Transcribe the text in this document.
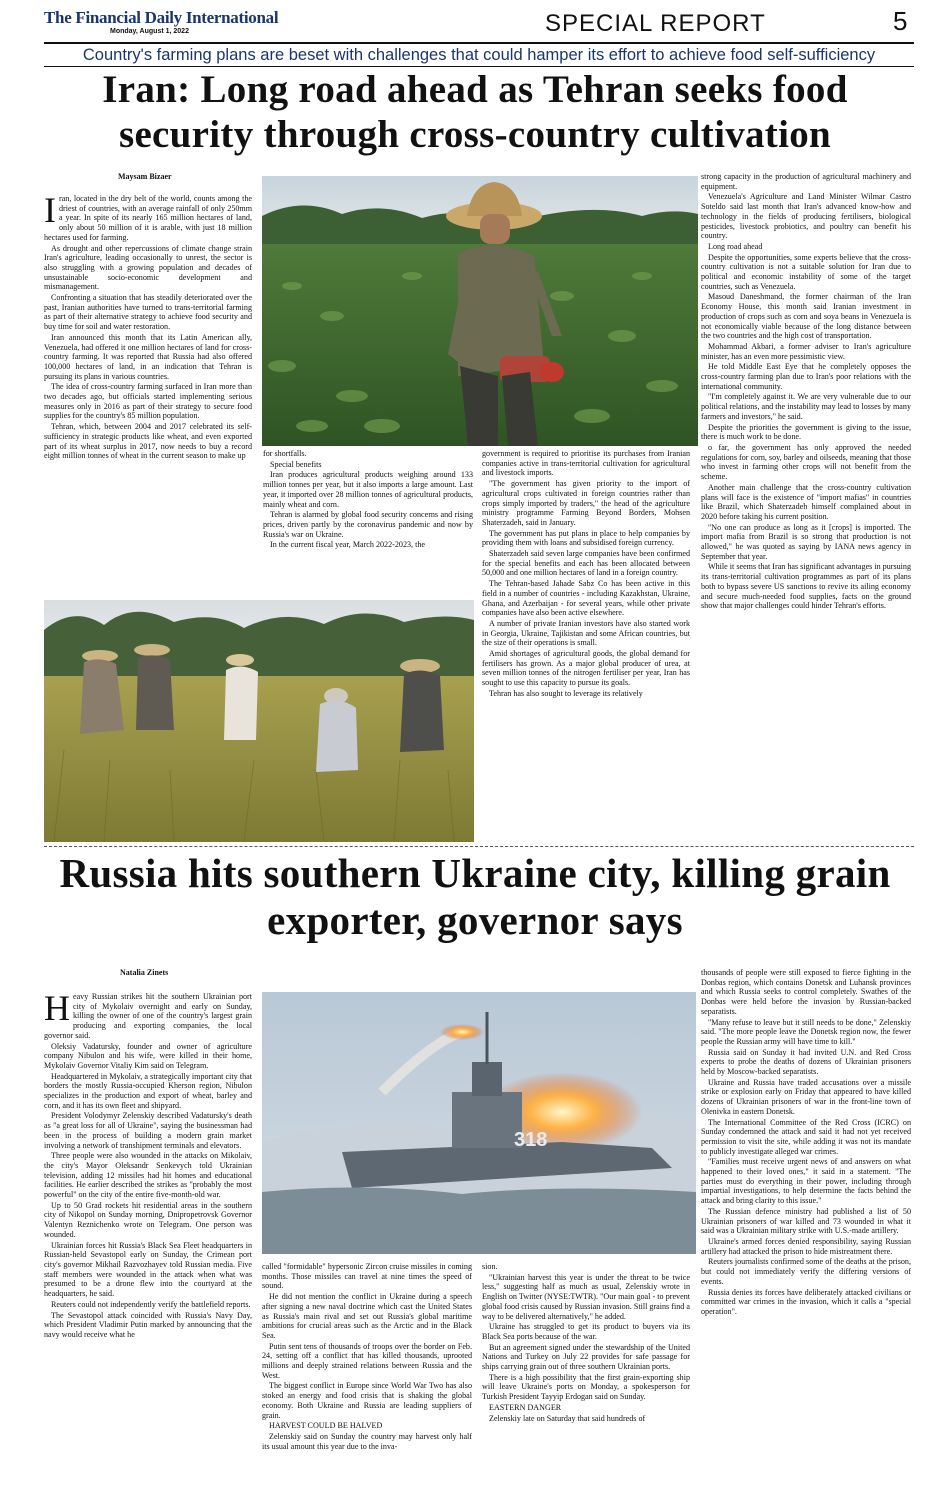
The Financial Daily International
Monday, August 1, 2022	SPECIAL REPORT	5
Country's farming plans are beset with challenges that could hamper its effort to achieve food self-sufficiency
Iran: Long road ahead as Tehran seeks food security through cross-country cultivation
Maysam Bizaer

Iran, located in the dry belt of the world, counts among the driest of countries, with an average rainfall of only 250mm a year. In spite of its nearly 165 million hectares of land, only about 50 million of it is arable, with just 18 million hectares used for farming.

As drought and other repercussions of climate change strain Iran's agriculture, leading occasionally to unrest, the sector is also struggling with a growing population and decades of unsustainable socio-economic development and mismanagement.

Confronting a situation that has steadily deteriorated over the past, Iranian authorities have turned to trans-territorial farming as part of their alternative strategy to achieve food security and buy time for soil and water restoration.

Iran announced this month that its Latin American ally, Venezuela, had offered it one million hectares of land for cross-country farming. It was reported that Russia had also offered 100,000 hectares of land, in an indication that Tehran is pursuing its plans in various countries.

The idea of cross-country farming surfaced in Iran more than two decades ago, but officials started implementing serious measures only in 2016 as part of their strategy to secure food supplies for the country's 85 million population.

Tehran, which, between 2004 and 2017 celebrated its self-sufficiency in strategic products like wheat, and even exported part of its wheat surplus in 2017, now needs to buy a record eight million tonnes of wheat in the current season to make up	for shortfalls.

Special benefits

Iran produces agricultural products weighing around 133 million tonnes per year, but it also imports a large amount. Last year, it imported over 28 million tonnes of agricultural products, mainly wheat and corn.

Tehran is alarmed by global food security concerns and rising prices, driven partly by the coronavirus pandemic and now by Russia's war on Ukraine.

In the current fiscal year, March 2022-2023, the

government is required to prioritise its purchases from Iranian companies active in trans-territorial cultivation for agricultural and livestock imports.

"The government has given priority to the import of agricultural crops cultivated in foreign countries rather than crops simply imported by traders," the head of the agriculture ministry programme Farming Beyond Borders, Mohsen Shaterzadeh, said in January.

The government has put plans in place to help companies by providing them with loans and subsidised foreign currency.

Shaterzadeh said seven large companies have been confirmed for the special benefits and each has been allocated between 50,000 and one million hectares of land in a foreign country.

The Tehran-based Jahade Sabz Co has been active in this field in a number of countries - including Kazakhstan, Ukraine, Ghana, and Azerbaijan - for several years, while other private companies have also been active elsewhere.

A number of private Iranian investors have also started work in Georgia, Ukraine, Tajikistan and some African countries, but the size of their operations is small.

Amid shortages of agricultural goods, the global demand for fertilisers has grown. As a major global producer of urea, at seven million tonnes of the nitrogen fertiliser per year, Iran has sought to use this capacity to pursue its goals.

Tehran has also sought to leverage its relatively

strong capacity in the production of agricultural machinery and equipment.

Venezuela's Agriculture and Land Minister Wilmar Castro Soteldo said last month that Iran's advanced know-how and technology in the fields of producing fertilisers, biological pesticides, livestock probiotics, and poultry can benefit his country.

Long road ahead

Despite the opportunities, some experts believe that the cross-country cultivation is not a suitable solution for Iran due to political and economic instability of some of the target countries, such as Venezuela.

Masoud Daneshmand, the former chairman of the Iran Economy House, this month said Iranian investment in production of crops such as corn and soya beans in Venezuela is not economically viable because of the long distance between the two countries and the high cost of transportation.

Mohammad Akbari, a former adviser to Iran's agriculture minister, has an even more pessimistic view.

He told Middle East Eye that he completely opposes the cross-country farming plan due to Iran's poor relations with the international community.

"I'm completely against it. We are very vulnerable due to our political relations, and the instability may lead to losses by many farmers and investors," he said.

Despite the priorities the government is giving to the issue, there is much work to be done.

o far, the government has only approved the needed regulations for corn, soy, barley and oilseeds, meaning that those who invest in farming other crops will not benefit from the scheme.

Another main challenge that the cross-country cultivation plans will face is the existence of "import mafias" in countries like Brazil, which Shaterzadeh himself complained about in 2020 before taking his current position.

"No one can produce as long as it [crops] is imported. The import mafia from Brazil is so strong that production is not allowed," he was quoted as saying by IANA news agency in September that year.

While it seems that Iran has significant advantages in pursuing its trans-territorial cultivation programmes as part of its plans both to bypass severe US sanctions to revive its ailing economy and secure much-needed food supplies, facts on the ground show that major challenges could hinder Tehran's efforts.

Russia hits southern Ukraine city, killing grain exporter, governor says
Natalia Zinets

Heavy Russian strikes hit the southern Ukrainian port city of Mykolaiv overnight and early on Sunday, killing the owner of one of the country's largest grain producing and exporting companies, the local governor said.

Oleksiy Vadatursky, founder and owner of agriculture company Nibulon and his wife, were killed in their home, Mykolaiv Governor Vitaliy Kim said on Telegram.

Headquartered in Mykolaiv, a strategically important city that borders the mostly Russia-occupied Kherson region, Nibulon specializes in the production and export of wheat, barley and corn, and it has its own fleet and shipyard.

President Volodymyr Zelenskiy described Vadatursky's death as "a great loss for all of Ukraine", saying the businessman had been in the process of building a modern grain market involving a network of transhipment terminals and elevators.

Three people were also wounded in the attacks on Mikolaiv, the city's Mayor Oleksandr Senkevych told Ukrainian television, adding 12 missiles had hit homes and educational facilities. He earlier described the strikes as "probably the most powerful" on the city of the entire five-month-old war.

Up to 50 Grad rockets hit residential areas in the southern city of Nikopol on Sunday morning, Dnipropetrovsk Governor Valentyn Reznichenko wrote on Telegram. One person was wounded.

Ukrainian forces hit Russia's Black Sea Fleet headquarters in Russian-held Sevastopol early on Sunday, the Crimean port city's governor Mikhail Razvozhayev told Russian media. Five staff members were wounded in the attack when what was presumed to be a drone flew into the courtyard at the headquarters, he said.

Reuters could not independently verify the battlefield reports.

The Sevastopol attack coincided with Russia's Navy Day, which President Vladimir Putin marked by announcing that the navy would receive what he

318

called "formidable" hypersonic Zircon cruise missiles in coming months. Those missiles can travel at nine times the speed of sound.

He did not mention the conflict in Ukraine during a speech after signing a new naval doctrine which cast the United States as Russia's main rival and set out Russia's global maritime ambitions for crucial areas such as the Arctic and in the Black Sea.

Putin sent tens of thousands of troops over the border on Feb. 24, setting off a conflict that has killed thousands, uprooted millions and deeply strained relations between Russia and the West.

The biggest conflict in Europe since World War Two has also stoked an energy and food crisis that is shaking the global economy. Both Ukraine and Russia are leading suppliers of grain.

HARVEST COULD BE HALVED

Zelenskiy said on Sunday the country may harvest only half its usual amount this year due to the inva-

sion.

"Ukrainian harvest this year is under the threat to be twice less," suggesting half as much as usual, Zelenskiy wrote in English on Twitter (NYSE:TWTR). "Our main goal - to prevent global food crisis caused by Russian invasion. Still grains find a way to be delivered alternatively," he added.

Ukraine has struggled to get its product to buyers via its Black Sea ports because of the war.

But an agreement signed under the stewardship of the United Nations and Turkey on July 22 provides for safe passage for ships carrying grain out of three southern Ukrainian ports.

There is a high possibility that the first grain-exporting ship will leave Ukraine's ports on Monday, a spokesperson for Turkish President Tayyip Erdogan said on Sunday.

EASTERN DANGER

Zelenskiy late on Saturday that said hundreds of

thousands of people were still exposed to fierce fighting in the Donbas region, which contains Donetsk and Luhansk provinces and which Russia seeks to control completely. Swathes of the Donbas were held before the invasion by Russian-backed separatists.

"Many refuse to leave but it still needs to be done," Zelenskiy said. "The more people leave the Donetsk region now, the fewer people the Russian army will have time to kill."

Russia said on Sunday it had invited U.N. and Red Cross experts to probe the deaths of dozens of Ukrainian prisoners held by Moscow-backed separatists.

Ukraine and Russia have traded accusations over a missile strike or explosion early on Friday that appeared to have killed dozens of Ukrainian prisoners of war in the front-line town of Olenivka in eastern Donetsk.

The International Committee of the Red Cross (ICRC) on Sunday condemned the attack and said it had not yet received permission to visit the site, while adding it was not its mandate to publicly investigate alleged war crimes.

"Families must receive urgent news of and answers on what happened to their loved ones," it said in a statement. "The parties must do everything in their power, including through impartial investigations, to help determine the facts behind the attack and bring clarity to this issue."

The Russian defence ministry had published a list of 50 Ukrainian prisoners of war killed and 73 wounded in what it said was a Ukrainian military strike with U.S.-made artillery.

Ukraine's armed forces denied responsibility, saying Russian artillery had attacked the prison to hide mistreatment there.

Reuters journalists confirmed some of the deaths at the prison, but could not immediately verify the differing versions of events.

Russia denies its forces have deliberately attacked civilians or committed war crimes in the invasion, which it calls a "special operation".
